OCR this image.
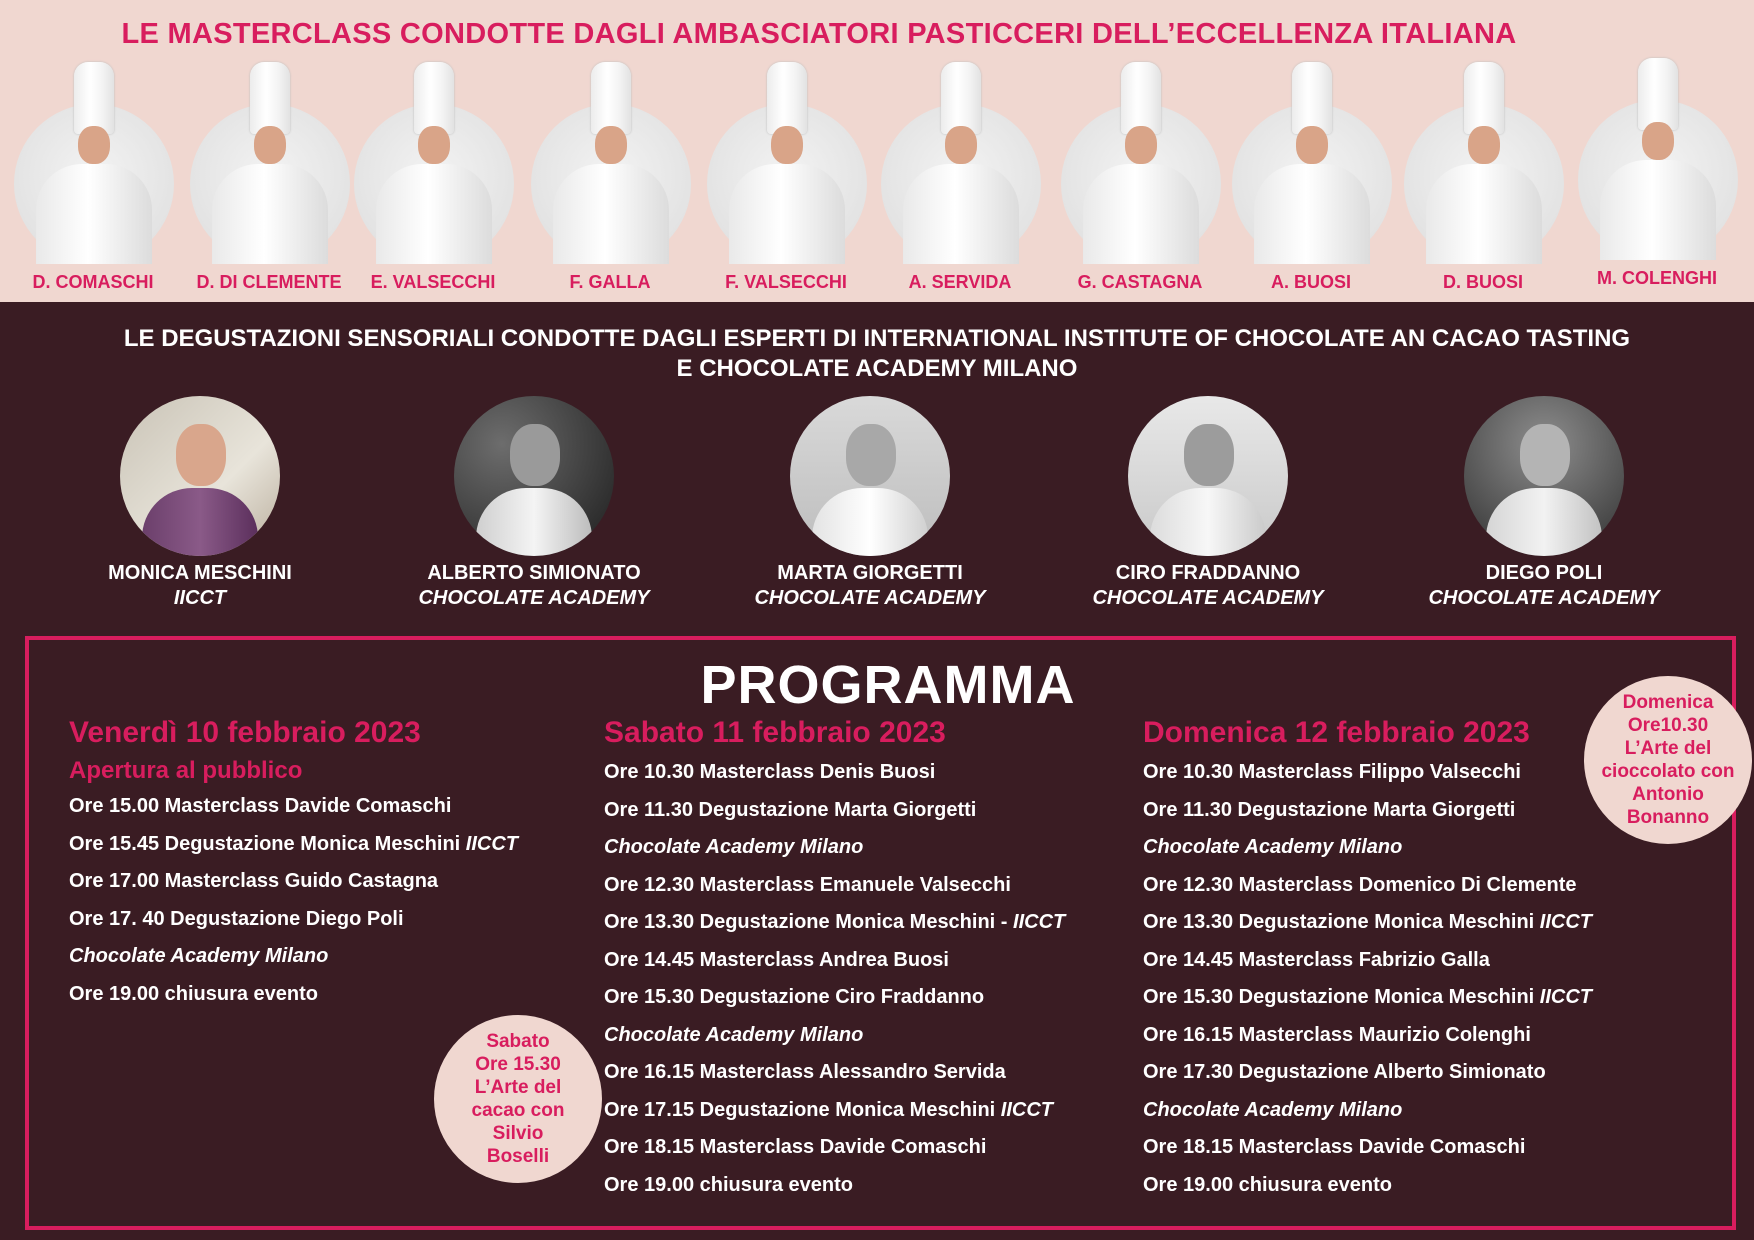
LE MASTERCLASS CONDOTTE DAGLI AMBASCIATORI PASTICCERI DELL’ECCELLENZA ITALIANA
D. COMASCHI	D. DI CLEMENTE	E. VALSECCHI	F. GALLA	F. VALSECCHI	A. SERVIDA	G. CASTAGNA	A. BUOSI	D. BUOSI	M. COLENGHI
LE DEGUSTAZIONI SENSORIALI CONDOTTE DAGLI ESPERTI DI INTERNATIONAL INSTITUTE OF CHOCOLATE AN CACAO TASTING
E CHOCOLATE ACADEMY MILANO
MONICA MESCHINI
IICCT
ALBERTO SIMIONATO
CHOCOLATE ACADEMY
MARTA GIORGETTI
CHOCOLATE ACADEMY
CIRO FRADDANNO
CHOCOLATE ACADEMY
DIEGO POLI
CHOCOLATE ACADEMY
PROGRAMMA
Venerdì 10 febbraio 2023
Apertura al pubblico
Ore 15.00 Masterclass Davide Comaschi
Ore 15.45 Degustazione Monica Meschini IICCT
Ore 17.00 Masterclass Guido Castagna
Ore 17. 40 Degustazione Diego Poli
Chocolate Academy Milano
Ore 19.00 chiusura evento
Sabato 11 febbraio 2023
Ore 10.30 Masterclass Denis Buosi
Ore 11.30 Degustazione Marta Giorgetti
Chocolate Academy Milano
Ore 12.30 Masterclass Emanuele Valsecchi
Ore 13.30 Degustazione Monica Meschini - IICCT
Ore 14.45 Masterclass Andrea Buosi
Ore 15.30 Degustazione Ciro Fraddanno
Chocolate Academy Milano
Ore 16.15 Masterclass Alessandro Servida
Ore 17.15 Degustazione Monica Meschini IICCT
Ore 18.15 Masterclass Davide Comaschi
Ore 19.00 chiusura evento
Domenica 12 febbraio 2023
Ore 10.30 Masterclass Filippo Valsecchi
Ore 11.30 Degustazione Marta Giorgetti
Chocolate Academy Milano
Ore 12.30 Masterclass Domenico Di Clemente
Ore 13.30 Degustazione Monica Meschini IICCT
Ore 14.45 Masterclass Fabrizio Galla
Ore 15.30 Degustazione Monica Meschini IICCT
Ore 16.15 Masterclass Maurizio Colenghi
Ore 17.30 Degustazione Alberto Simionato
Chocolate Academy Milano
Ore 18.15 Masterclass Davide Comaschi
Ore 19.00 chiusura evento
Sabato
Ore 15.30
L’Arte del
cacao con
Silvio
Boselli
Domenica
Ore10.30
L’Arte del
cioccolato con
Antonio
Bonanno
